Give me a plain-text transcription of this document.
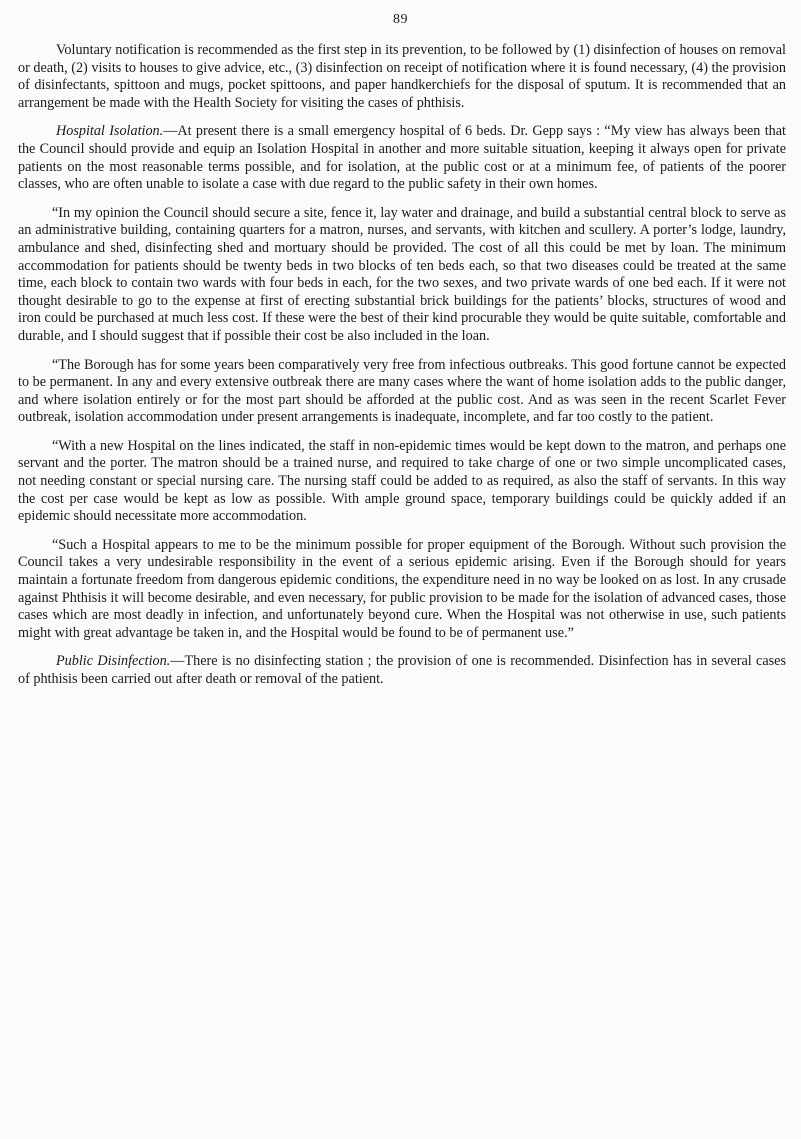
89

Voluntary notification is recommended as the first step in its prevention, to be followed by (1) disinfection of houses on removal or death, (2) visits to houses to give advice, etc., (3) disinfection on receipt of notification where it is found necessary, (4) the provision of disinfectants, spittoon and mugs, pocket spittoons, and paper handkerchiefs for the disposal of sputum. It is recommended that an arrangement be made with the Health Society for visiting the cases of phthisis.

Hospital Isolation.—At present there is a small emergency hospital of 6 beds. Dr. Gepp says : “My view has always been that the Council should provide and equip an Isolation Hospital in another and more suitable situation, keeping it always open for private patients on the most reasonable terms possible, and for isolation, at the public cost or at a minimum fee, of patients of the poorer classes, who are often unable to isolate a case with due regard to the public safety in their own homes.

“In my opinion the Council should secure a site, fence it, lay water and drainage, and build a substantial central block to serve as an administrative building, containing quarters for a matron, nurses, and servants, with kitchen and scullery. A porter’s lodge, laundry, ambulance and shed, disinfecting shed and mortuary should be provided. The cost of all this could be met by loan. The minimum accommodation for patients should be twenty beds in two blocks of ten beds each, so that two diseases could be treated at the same time, each block to contain two wards with four beds in each, for the two sexes, and two private wards of one bed each. If it were not thought desirable to go to the expense at first of erecting substantial brick buildings for the patients’ blocks, structures of wood and iron could be purchased at much less cost. If these were the best of their kind procurable they would be quite suitable, comfortable and durable, and I should suggest that if possible their cost be also included in the loan.

“The Borough has for some years been comparatively very free from infectious outbreaks. This good fortune cannot be expected to be permanent. In any and every extensive outbreak there are many cases where the want of home isolation adds to the public danger, and where isolation entirely or for the most part should be afforded at the public cost. And as was seen in the recent Scarlet Fever outbreak, isolation accommodation under present arrangements is inadequate, incomplete, and far too costly to the patient.

“With a new Hospital on the lines indicated, the staff in non-epidemic times would be kept down to the matron, and perhaps one servant and the porter. The matron should be a trained nurse, and required to take charge of one or two simple uncomplicated cases, not needing constant or special nursing care. The nursing staff could be added to as required, as also the staff of servants. In this way the cost per case would be kept as low as possible. With ample ground space, temporary buildings could be quickly added if an epidemic should necessitate more accommodation.

“Such a Hospital appears to me to be the minimum possible for proper equipment of the Borough. Without such provision the Council takes a very undesirable responsibility in the event of a serious epidemic arising. Even if the Borough should for years maintain a fortunate freedom from dangerous epidemic conditions, the expenditure need in no way be looked on as lost. In any crusade against Phthisis it will become desirable, and even necessary, for public provision to be made for the isolation of advanced cases, those cases which are most deadly in infection, and unfortunately beyond cure. When the Hospital was not otherwise in use, such patients might with great advantage be taken in, and the Hospital would be found to be of permanent use.”

Public Disinfection.—There is no disinfecting station ; the provision of one is recommended. Disinfection has in several cases of phthisis been carried out after death or removal of the patient.
